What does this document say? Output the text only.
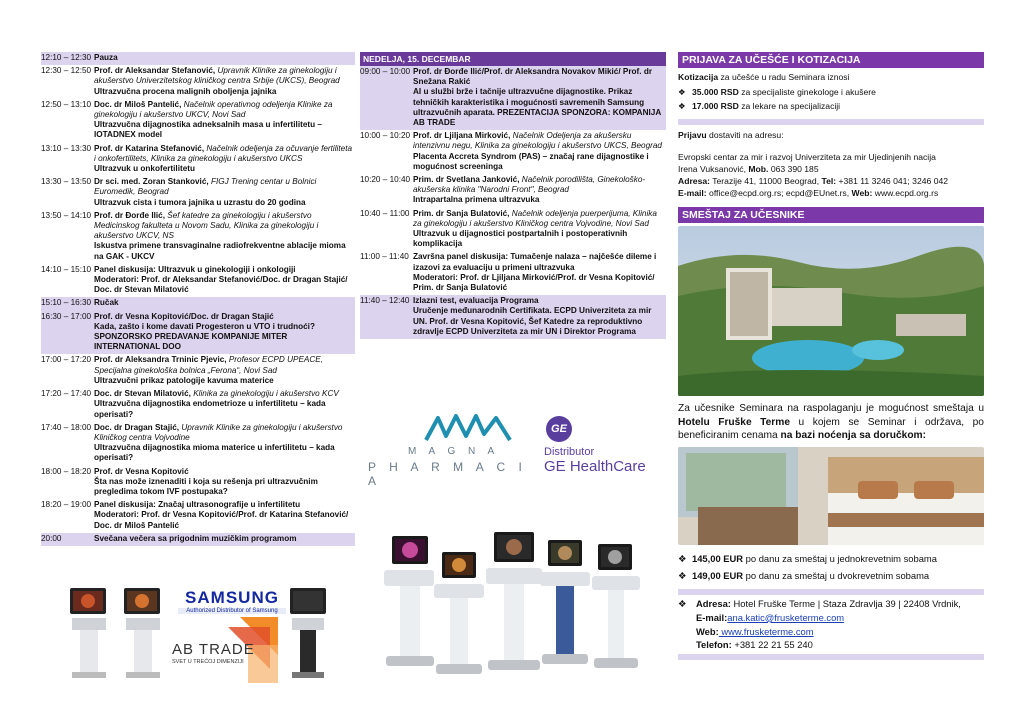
12:10 – 12:30 Pauza
12:30 – 12:50 Prof. dr Aleksandar Stefanović, Upravnik Klinike za ginekologiju i akušerstvo Univerzitetskog kliničkog centra Srbije (UKCS), Beograd
Ultrazvučna procena malignih oboljenja jajnika
12:50 – 13:10 Doc. dr Miloš Pantelić, Načelnik operativnog odeljenja Klinike za ginekologiju i akušerstvo UKCV, Novi Sad
Ultrazvučna dijagnostika adneksalnih masa u infertilitetu – IOTADNEX model
13:10 – 13:30 Prof. dr Katarina Stefanović, Načelnik odeljenja za očuvanje fertiliteta i onkofertilitets, Klinika za ginekologiju i akušerstvo UKCS
Ultrazvuk u onkofertilitetu
13:30 – 13:50 Dr sci. med. Zoran Stanković, FIGJ Trening centar u Bolnici Euromedik, Beograd
Ultrazvuk cista i tumora jajnika u uzrastu do 20 godina
13:50 – 14:10 Prof. dr Đorđe Ilić, Šef katedre za ginekologiju i akušerstvo Medicinskog fakulteta u Novom Sadu, Klinika za ginekologiju i akušerstvo UKCV, NS
Iskustva primene transvaginalne radiofrekventne ablacije mioma na GAK - UKCV
14:10 – 15:10 Panel diskusija: Ultrazvuk u ginekologiji i onkologiji
Moderatori: Prof. dr Aleksandar Stefanović/Doc. dr Dragan Stajić/ Doc. dr Stevan Milatović
15:10 – 16:30 Ručak
16:30 – 17:00 Prof. dr Vesna Kopitović/Doc. dr Dragan Stajić
Kada, zašto i kome davati Progesteron u VTO i trudnoći? SPONZORSKO PREDAVANJE KOMPANIJE MITER INTERNATIONAL DOO
17:00 – 17:20 Prof. dr Aleksandra Trninic Pjevic, Profesor ECPD UPEACE, Specijalna ginekološka bolnica „Ferona“, Novi Sad
Ultrazvučni prikaz patologije kavuma materice
17:20 – 17:40 Doc. dr Stevan Milatović, Klinika za ginekologiju i akušerstvo KCV
Ultrazvučna dijagnostika endometrioze u infertilitetu – kada operisati?
17:40 – 18:00 Doc. dr Dragan Stajić, Upravnik Klinike za ginekologiju i akušerstvo Kliničkog centra Vojvodine
Ultrazvučna dijagnostika mioma materice u infertilitetu – kada operisati?
18:00 – 18:20 Prof. dr Vesna Kopitović
Šta nas može iznenaditi i koja su rešenja pri ultrazvučnim pregledima tokom IVF postupaka?
18:20 – 19:00 Panel diskusija: Značaj ultrasonografije u infertilitetu
Moderatori: Prof. dr Vesna Kopitović/Prof. dr Katarina Stefanović/ Doc. dr Miloš Pantelić
20:00	Svečana večera sa prigodnim muzičkim programom
SAMSUNG
Authorized Distributor of Samsung
AB TRADE
SVET U TREĆOJ DIMENZIJI
NEDELJA, 15. DECEMBAR
09:00 – 10:00 Prof. dr Đorđe Ilić/Prof. dr Aleksandra Novakov Mikić/ Prof. dr Snežana Rakić
AI u službi brže i tačnije ultrazvučne dijagnostike. Prikaz tehničkih karakteristika i mogućnosti savremenih Samsung ultrazvučnih aparata. PREZENTACIJA SPONZORA: KOMPANIJA AB TRADE
10:00 – 10:20 Prof. dr Ljiljana Mirković, Načelnik Odeljenja za akušersku intenzivnu negu, Klinika za ginekologiju i akušerstvo UKCS, Beograd
Placenta Accreta Syndrom (PAS) – značaj rane dijagnostike i mogućnost screeninga
10:20 – 10:40 Prim. dr Svetlana Janković, Načelnik porodilišta, Ginekološko-akušerska klinika "Narodni Front", Beograd
Intrapartalna primena ultrazvuka
10:40 – 11:00 Prim. dr Sanja Bulatović, Načelnik odeljenja puerperijuma, Klinika za ginekologiju i akušerstvo Kliničkog centra Vojvodine, Novi Sad
Ultrazvuk u dijagnostici postpartalnih i postoperativnih komplikacija
11:00 – 11:40 Završna panel diskusija: Tumačenje nalaza – najčešće dileme i izazovi za evaluaciju u primeni ultrazvuka
Moderatori: Prof. dr Ljiljana Mirković/Prof. dr Vesna Kopitović/ Prim. dr Sanja Bulatović
11:40 – 12:40 Izlazni test, evaluacija Programa
Uručenje međunarodnih Certifikata. ECPD Univerziteta za mir UN. Prof. dr Vesna Kopitović, Šef Katedre za reproduktivno zdravlje ECPD Univerziteta za mir UN i Direktor Programa
M A G N A
P H A R M A C I A
GE
Distributor
GE HealthCare
PRIJAVA ZA UČEŠĆE I KOTIZACIJA
Kotizacija za učešće u radu Seminara iznosi
❖ 35.000 RSD za specijaliste ginekologe i akušere
❖ 17.000 RSD za lekare na specijalizaciji
Prijavu dostaviti na adresu:
Evropski centar za mir i razvoj Univerziteta za mir Ujedinjenih nacija
Irena Vuksanović, Mob. 063 390 185
Adresa: Terazije 41, 11000 Beograd, Tel: +381 11 3246 041; 3246 042
E-mail: office@ecpd.org.rs; ecpd@EUnet.rs, Web: www.ecpd.org.rs
SMEŠTAJ ZA UČESNIKE
Za učesnike Seminara na raspolaganju je mogućnost smeštaja u Hotelu Fruške Terme u kojem se Seminar i održava, po beneficiranim cenama na bazi noćenja sa doručkom:
❖ 145,00 EUR po danu za smeštaj u jednokrevetnim sobama
❖ 149,00 EUR po danu za smeštaj u dvokrevetnim sobama
❖	Adresa: Hotel Fruške Terme | Staza Zdravlja 39 | 22408 Vrdnik,
E-mail:ana.katic@frusketerme.com
Web: www.frusketerme.com
Telefon: +381 22 21 55 240
